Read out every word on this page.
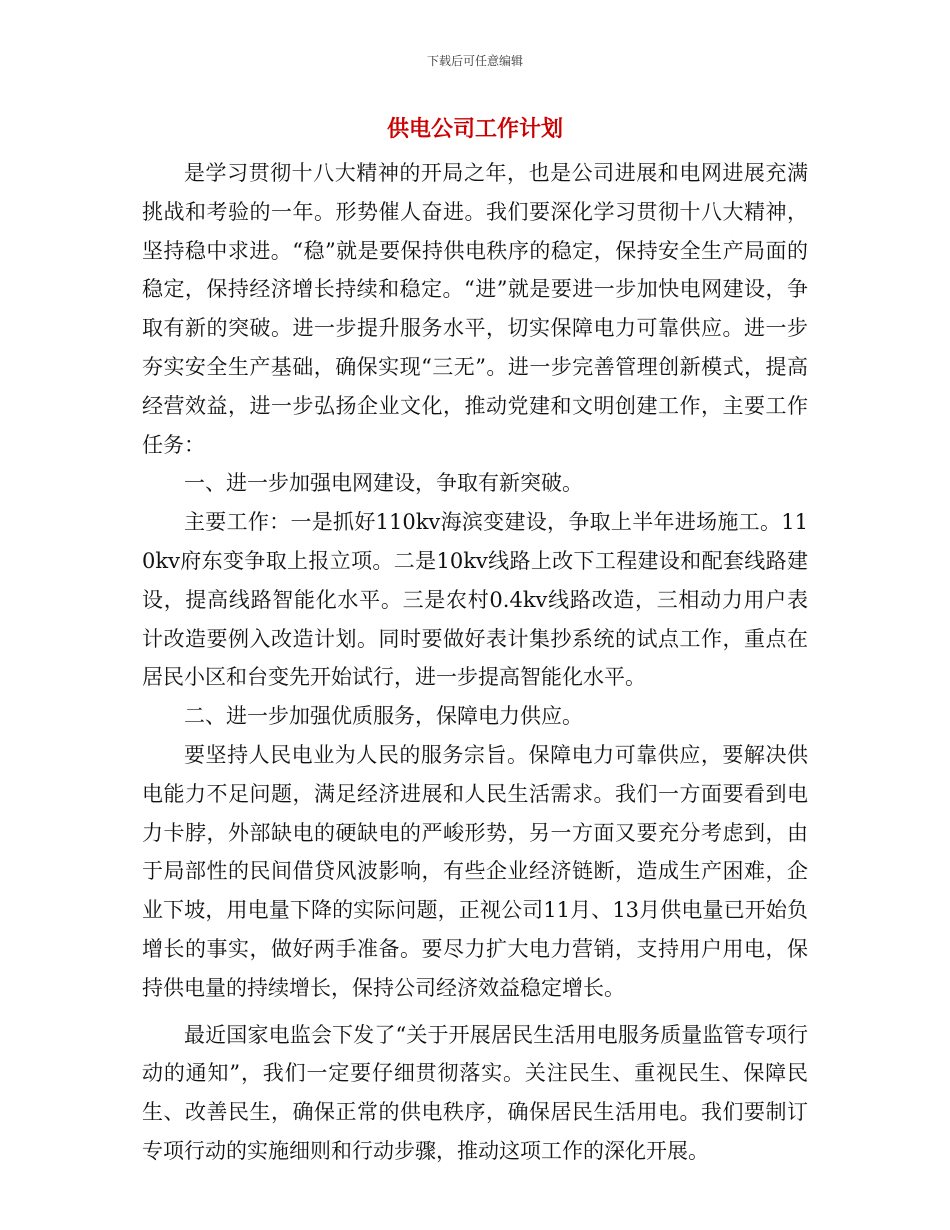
下载后可任意编辑
供电公司工作计划

是学习贯彻十八大精神的开局之年，也是公司进展和电网进展充满挑战和考验的一年。形势催人奋进。我们要深化学习贯彻十八大精神，坚持稳中求进。“稳”就是要保持供电秩序的稳定，保持安全生产局面的稳定，保持经济增长持续和稳定。“进”就是要进一步加快电网建设，争取有新的突破。进一步提升服务水平，切实保障电力可靠供应。进一步夯实安全生产基础，确保实现“三无”。进一步完善管理创新模式，提高经营效益，进一步弘扬企业文化，推动党建和文明创建工作，主要工作任务：

一、进一步加强电网建设，争取有新突破。

主要工作：一是抓好110kv海滨变建设，争取上半年进场施工。110kv府东变争取上报立项。二是10kv线路上改下工程建设和配套线路建设，提高线路智能化水平。三是农村0.4kv线路改造，三相动力用户表计改造要例入改造计划。同时要做好表计集抄系统的试点工作，重点在居民小区和台变先开始试行，进一步提高智能化水平。

二、进一步加强优质服务，保障电力供应。

要坚持人民电业为人民的服务宗旨。保障电力可靠供应，要解决供电能力不足问题，满足经济进展和人民生活需求。我们一方面要看到电力卡脖，外部缺电的硬缺电的严峻形势，另一方面又要充分考虑到，由于局部性的民间借贷风波影响，有些企业经济链断，造成生产困难，企业下坡，用电量下降的实际问题，正视公司11月、13月供电量已开始负增长的事实，做好两手准备。要尽力扩大电力营销，支持用户用电，保持供电量的持续增长，保持公司经济效益稳定增长。

最近国家电监会下发了“关于开展居民生活用电服务质量监管专项行动的通知”，我们一定要仔细贯彻落实。关注民生、重视民生、保障民生、改善民生，确保正常的供电秩序，确保居民生活用电。我们要制订专项行动的实施细则和行动步骤，推动这项工作的深化开展。
